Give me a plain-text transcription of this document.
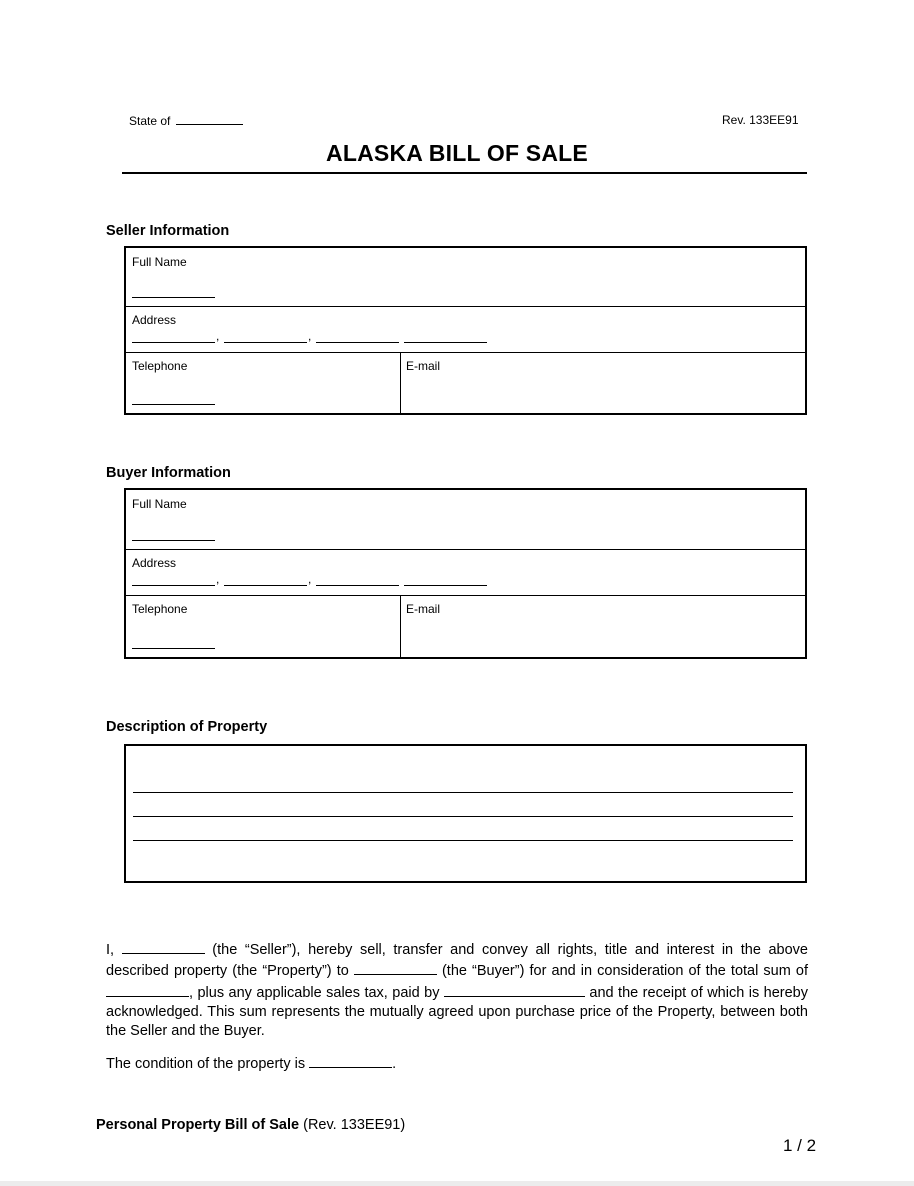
State of	Rev. 133EE91
ALASKA BILL OF SALE
Seller Information
Full Name
Address
,	,
Telephone	E-mail
Buyer Information
Full Name
Address
,	,
Telephone	E-mail
Description of Property

I,	(the “Seller”), hereby sell, transfer and convey all rights, title and interest in the above described property (the “Property”) to	(the “Buyer”) for and in consideration of the total sum of , plus any applicable sales tax, paid by	and the receipt of which is hereby acknowledged. This sum represents the mutually agreed upon purchase price of the Property, between both the Seller and the Buyer.

The condition of the property is	.
Personal Property Bill of Sale (Rev. 133EE91)
1 / 2
